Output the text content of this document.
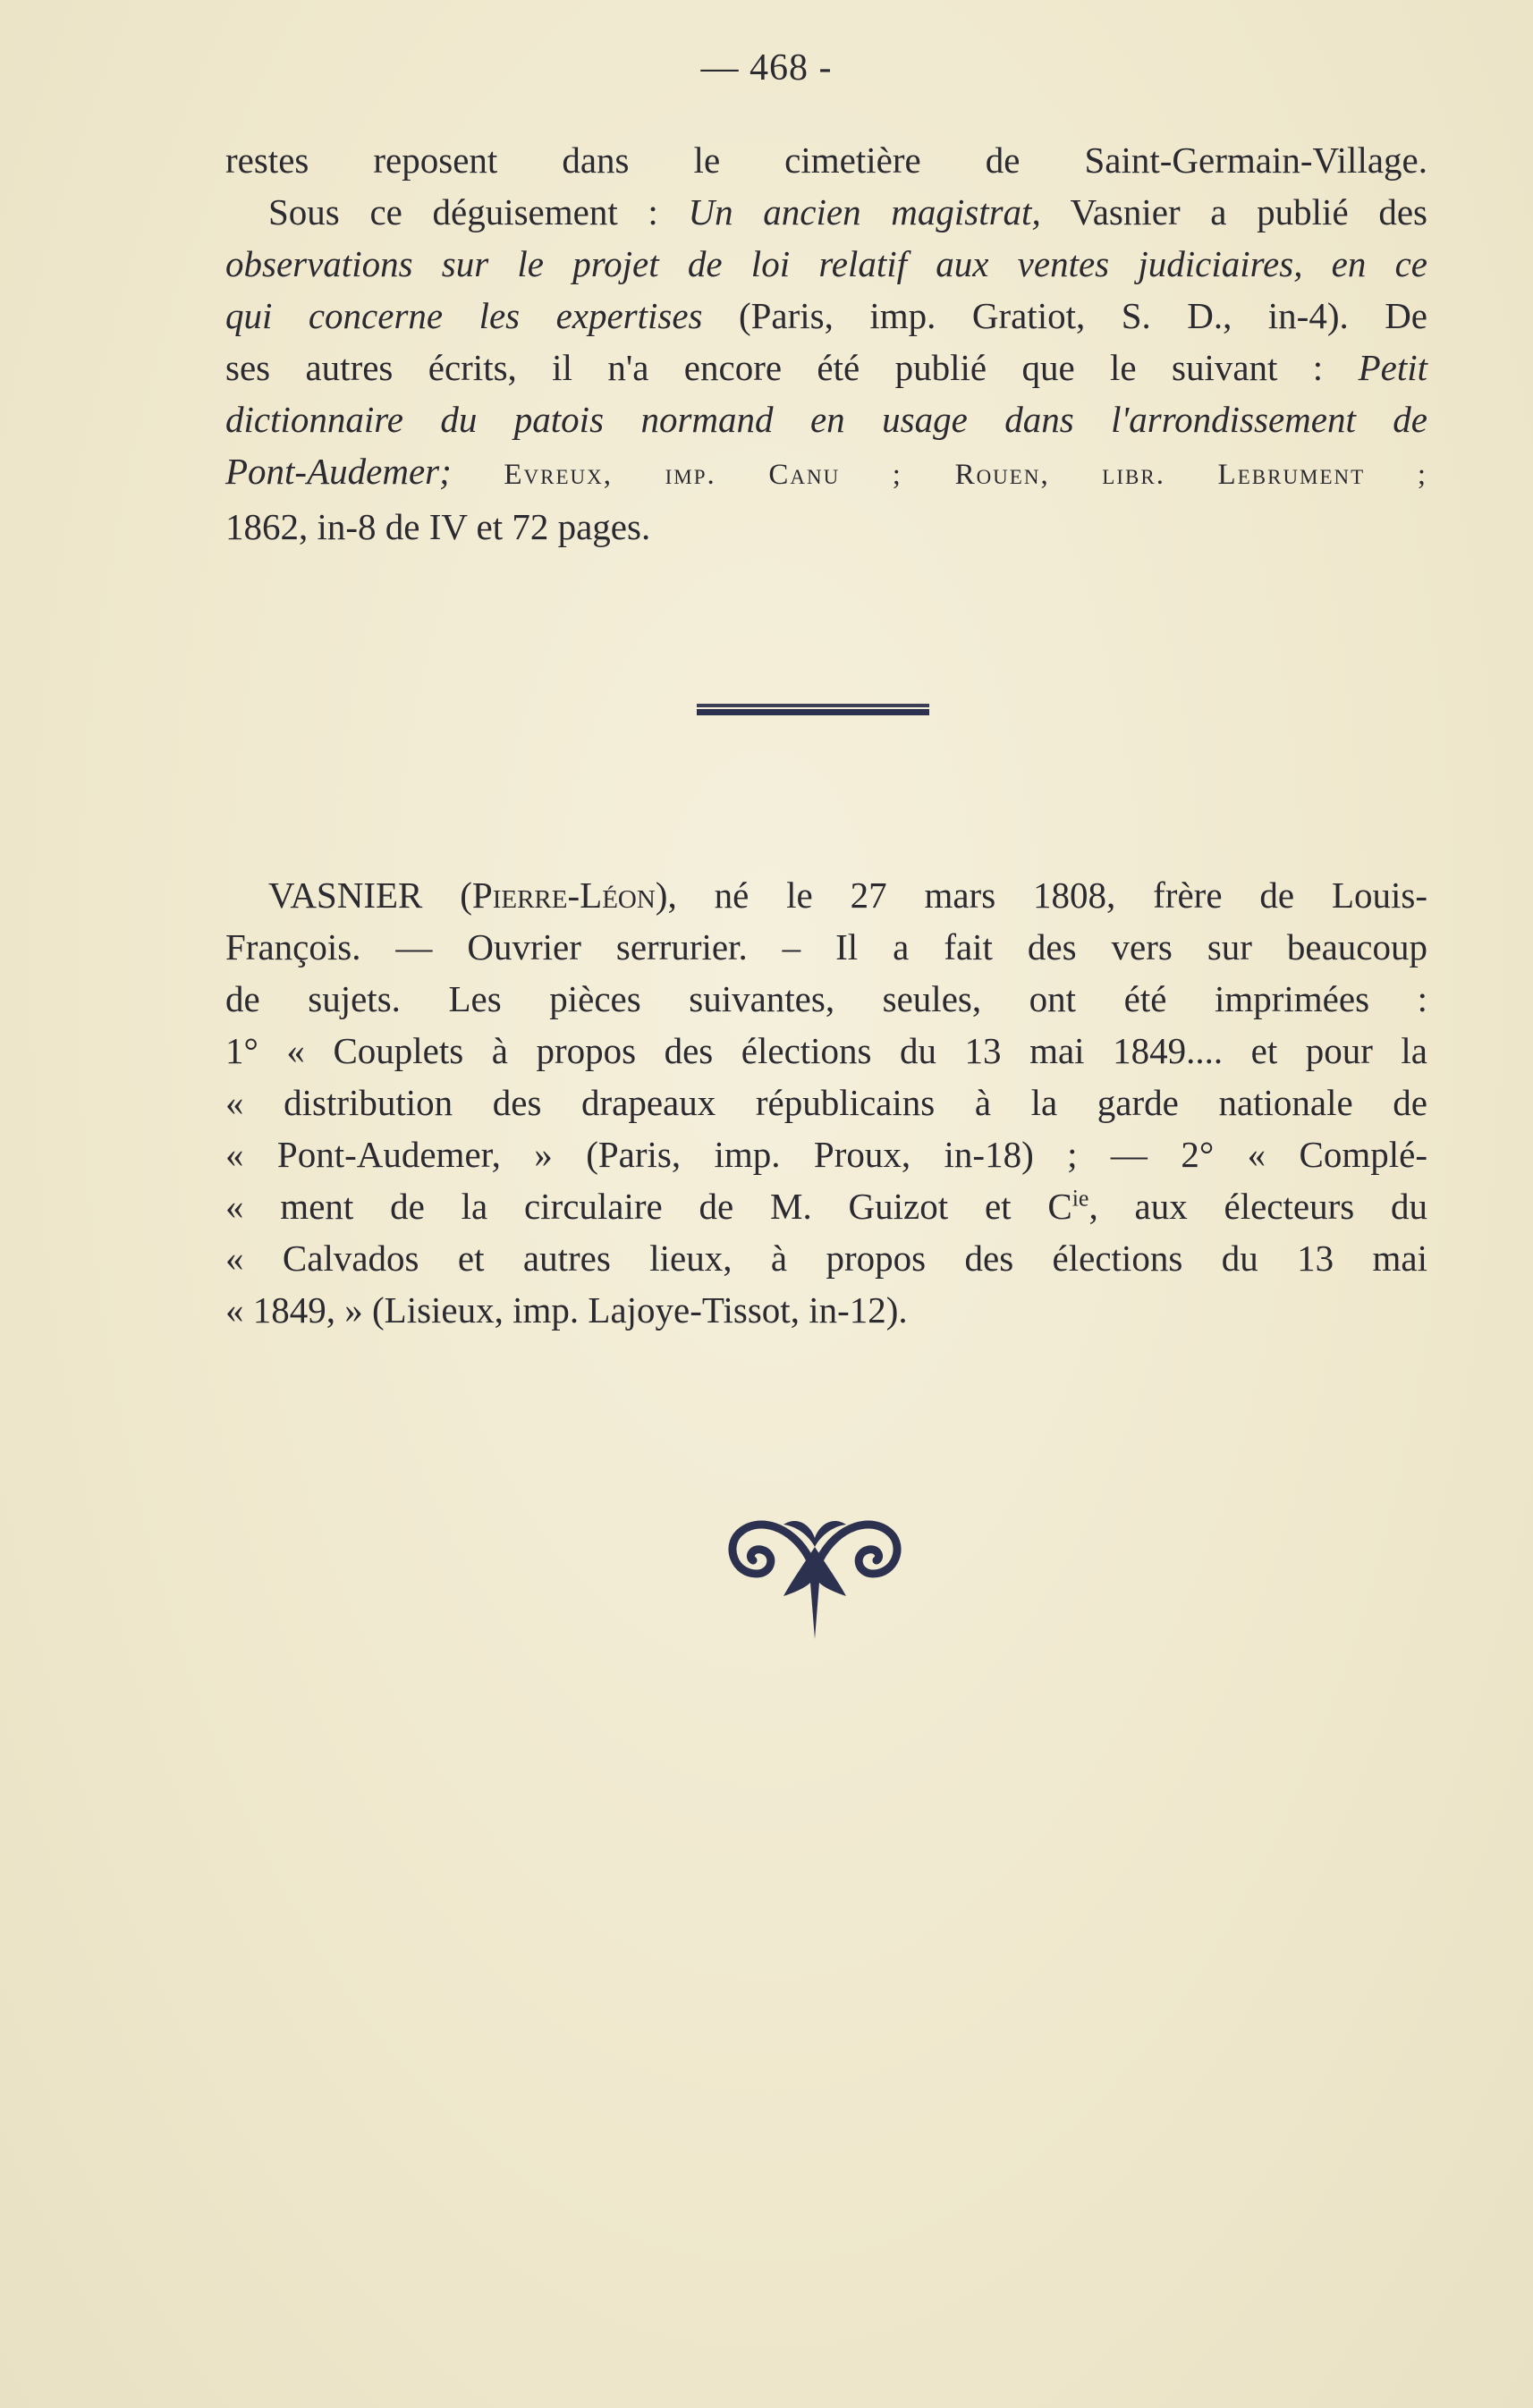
— 468 -
restes reposent dans le cimetière de Saint-Germain-Village.
Sous ce déguisement : Un ancien magistrat, Vasnier a publié des
observations sur le projet de loi relatif aux ventes judiciaires, en ce
qui concerne les expertises (Paris, imp. Gratiot, S. D., in-4). De
ses autres écrits, il n'a encore été publié que le suivant : Petit
dictionnaire du patois normand en usage dans l'arrondissement de
Pont-Audemer; Evreux, imp. Canu ; Rouen, libr. Lebrument ;
1862, in-8 de IV et 72 pages.
VASNIER (Pierre-Léon), né le 27 mars 1808, frère de Louis-
François. — Ouvrier serrurier. – Il a fait des vers sur beaucoup
de sujets. Les pièces suivantes, seules, ont été imprimées :
1° « Couplets à propos des élections du 13 mai 1849.... et pour la
« distribution des drapeaux républicains à la garde nationale de
« Pont-Audemer, » (Paris, imp. Proux, in-18) ; — 2° « Complé-
« ment de la circulaire de M. Guizot et $C^{ie}$, aux électeurs du
« Calvados et autres lieux, à propos des élections du 13 mai
« 1849, » (Lisieux, imp. Lajoye-Tissot, in-12).
